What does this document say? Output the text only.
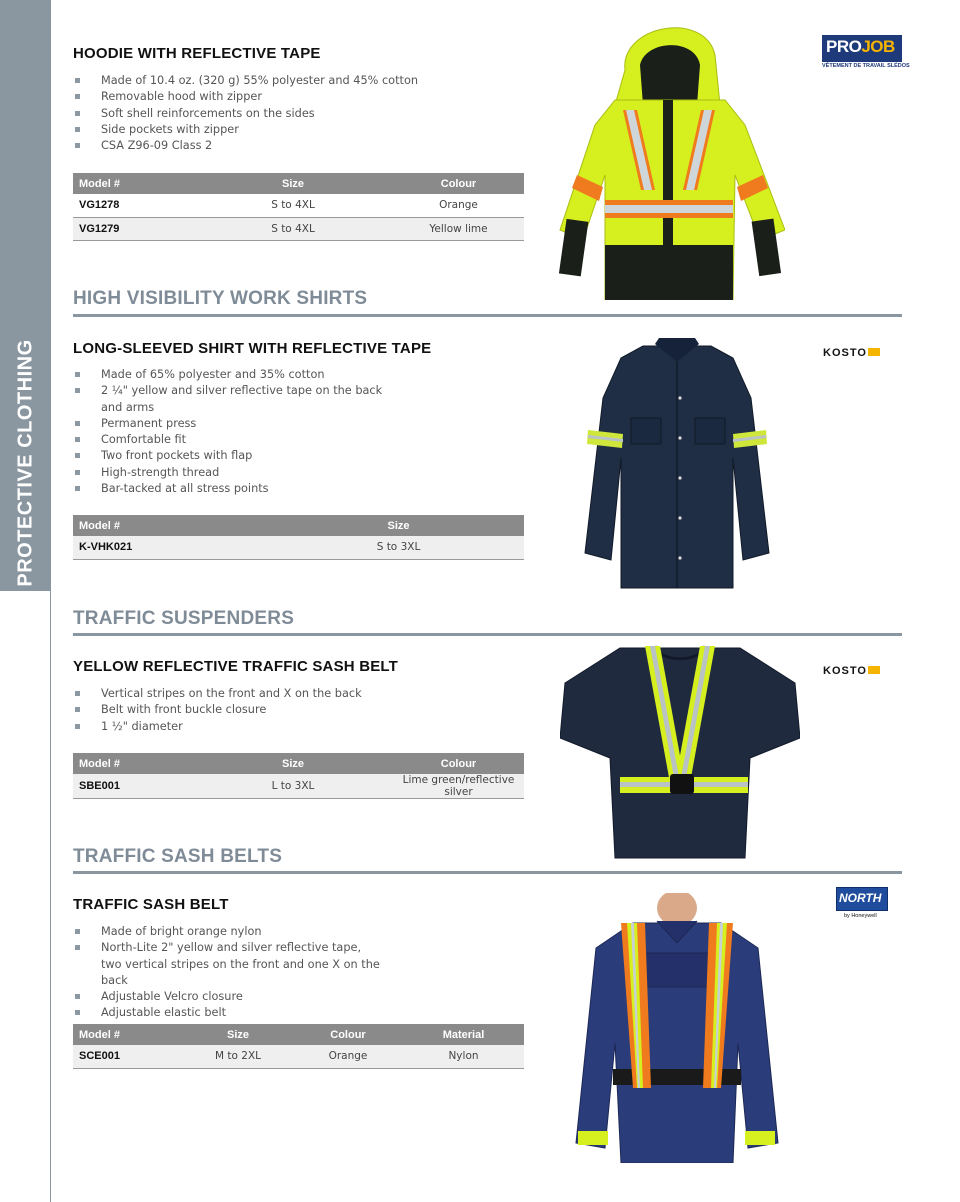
PROTECTIVE CLOTHING
HOODIE WITH REFLECTIVE TAPE
Made of 10.4 oz. (320 g) 55% polyester and 45% cotton
Removable hood with zipper
Soft shell reinforcements on the sides
Side pockets with zipper
CSA Z96-09 Class 2
Model #	Size	Colour
VG1278	S to 4XL	Orange
VG1279	S to 4XL	Yellow lime
PROJOB
VÊTEMENT DE TRAVAIL SLÉDOS
HIGH VISIBILITY WORK SHIRTS
LONG-SLEEVED SHIRT WITH REFLECTIVE TAPE
Made of 65% polyester and 35% cotton
2 ¼" yellow and silver reflective tape on the back and arms
Permanent press
Comfortable fit
Two front pockets with flap
High-strength thread
Bar-tacked at all stress points
Model #	Size
K-VHK021	S to 3XL
KOSTO
TRAFFIC SUSPENDERS
YELLOW REFLECTIVE TRAFFIC SASH BELT
Vertical stripes on the front and X on the back
Belt with front buckle closure
1 ½" diameter
Model #	Size	Colour
SBE001	L to 3XL	Lime green/reflective silver
KOSTO
TRAFFIC SASH BELTS
TRAFFIC SASH BELT
Made of bright orange nylon
North-Lite 2" yellow and silver reflective tape, two vertical stripes on the front and one X on the back
Adjustable Velcro closure
Adjustable elastic belt
Model #	Size	Colour	Material
SCE001	M to 2XL	Orange	Nylon
NORTH
by Honeywell
